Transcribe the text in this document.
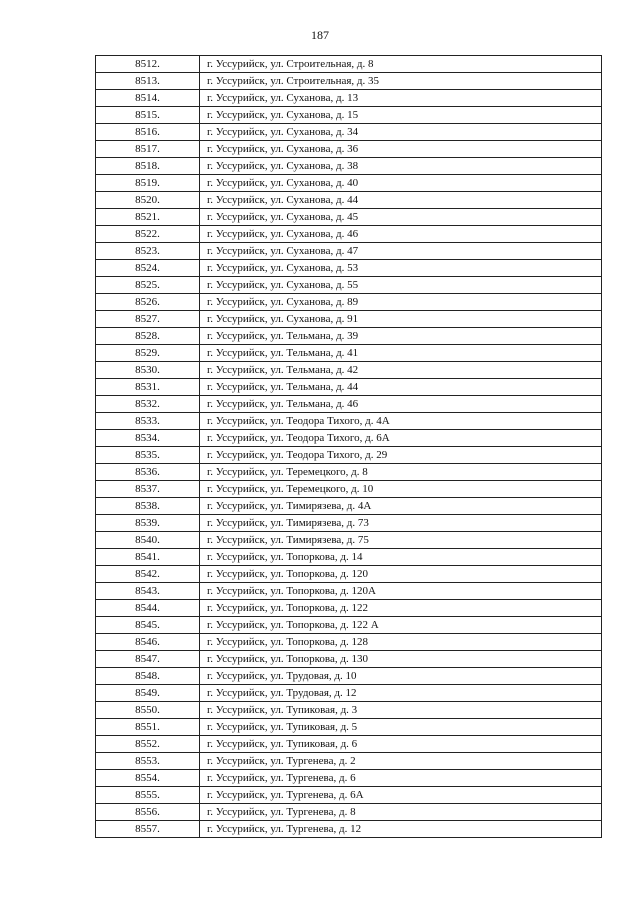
187
8512.	г. Уссурийск, ул. Строительная, д. 8
8513.	г. Уссурийск, ул. Строительная, д. 35
8514.	г. Уссурийск, ул. Суханова, д. 13
8515.	г. Уссурийск, ул. Суханова, д. 15
8516.	г. Уссурийск, ул. Суханова, д. 34
8517.	г. Уссурийск, ул. Суханова, д. 36
8518.	г. Уссурийск, ул. Суханова, д. 38
8519.	г. Уссурийск, ул. Суханова, д. 40
8520.	г. Уссурийск, ул. Суханова, д. 44
8521.	г. Уссурийск, ул. Суханова, д. 45
8522.	г. Уссурийск, ул. Суханова, д. 46
8523.	г. Уссурийск, ул. Суханова, д. 47
8524.	г. Уссурийск, ул. Суханова, д. 53
8525.	г. Уссурийск, ул. Суханова, д. 55
8526.	г. Уссурийск, ул. Суханова, д. 89
8527.	г. Уссурийск, ул. Суханова, д. 91
8528.	г. Уссурийск, ул. Тельмана, д. 39
8529.	г. Уссурийск, ул. Тельмана, д. 41
8530.	г. Уссурийск, ул. Тельмана, д. 42
8531.	г. Уссурийск, ул. Тельмана, д. 44
8532.	г. Уссурийск, ул. Тельмана, д. 46
8533.	г. Уссурийск, ул. Теодора Тихого, д. 4А
8534.	г. Уссурийск, ул. Теодора Тихого, д. 6А
8535.	г. Уссурийск, ул. Теодора Тихого, д. 29
8536.	г. Уссурийск, ул. Теремецкого, д. 8
8537.	г. Уссурийск, ул. Теремецкого, д. 10
8538.	г. Уссурийск, ул. Тимирязева, д. 4А
8539.	г. Уссурийск, ул. Тимирязева, д. 73
8540.	г. Уссурийск, ул. Тимирязева, д. 75
8541.	г. Уссурийск, ул. Топоркова, д. 14
8542.	г. Уссурийск, ул. Топоркова, д. 120
8543.	г. Уссурийск, ул. Топоркова, д. 120А
8544.	г. Уссурийск, ул. Топоркова, д. 122
8545.	г. Уссурийск, ул. Топоркова, д. 122 А
8546.	г. Уссурийск, ул. Топоркова, д. 128
8547.	г. Уссурийск, ул. Топоркова, д. 130
8548.	г. Уссурийск, ул. Трудовая, д. 10
8549.	г. Уссурийск, ул. Трудовая, д. 12
8550.	г. Уссурийск, ул. Тупиковая, д. 3
8551.	г. Уссурийск, ул. Тупиковая, д. 5
8552.	г. Уссурийск, ул. Тупиковая, д. 6
8553.	г. Уссурийск, ул. Тургенева, д. 2
8554.	г. Уссурийск, ул. Тургенева, д. 6
8555.	г. Уссурийск, ул. Тургенева, д. 6А
8556.	г. Уссурийск, ул. Тургенева, д. 8
8557.	г. Уссурийск, ул. Тургенева, д. 12
